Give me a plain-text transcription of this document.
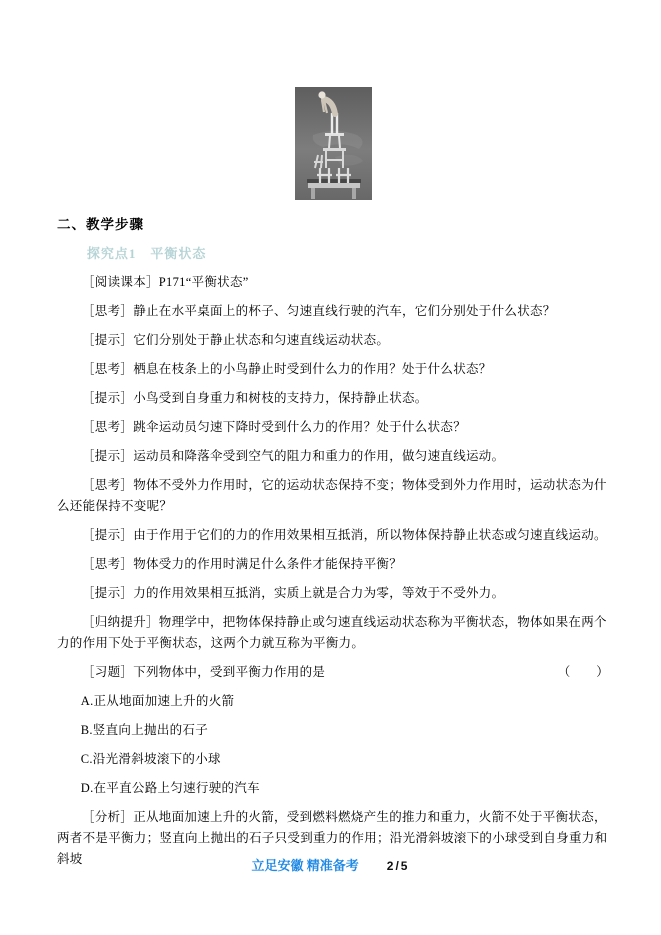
二、教学步骤

探究点1　平衡状态

［阅读课本］P171“平衡状态”

［思考］静止在水平桌面上的杯子、匀速直线行驶的汽车，它们分别处于什么状态？

［提示］它们分别处于静止状态和匀速直线运动状态。

［思考］栖息在枝条上的小鸟静止时受到什么力的作用？处于什么状态？

［提示］小鸟受到自身重力和树枝的支持力，保持静止状态。

［思考］跳伞运动员匀速下降时受到什么力的作用？处于什么状态？

［提示］运动员和降落伞受到空气的阻力和重力的作用，做匀速直线运动。

［思考］物体不受外力作用时，它的运动状态保持不变；物体受到外力作用时，运动状态为什么还能保持不变呢？

［提示］由于作用于它们的力的作用效果相互抵消，所以物体保持静止状态或匀速直线运动。

［思考］物体受力的作用时满足什么条件才能保持平衡？

［提示］力的作用效果相互抵消，实质上就是合力为零，等效于不受外力。

［归纳提升］物理学中，把物体保持静止或匀速直线运动状态称为平衡状态，物体如果在两个力的作用下处于平衡状态，这两个力就互称为平衡力。

（　　）
［习题］下列物体中，受到平衡力作用的是

A.正从地面加速上升的火箭

B.竖直向上抛出的石子

C.沿光滑斜坡滚下的小球

D.在平直公路上匀速行驶的汽车

［分析］正从地面加速上升的火箭，受到燃料燃烧产生的推力和重力，火箭不处于平衡状态，两者不是平衡力；竖直向上抛出的石子只受到重力的作用；沿光滑斜坡滚下的小球受到自身重力和斜坡	立足安徽 精准备考 2/5
